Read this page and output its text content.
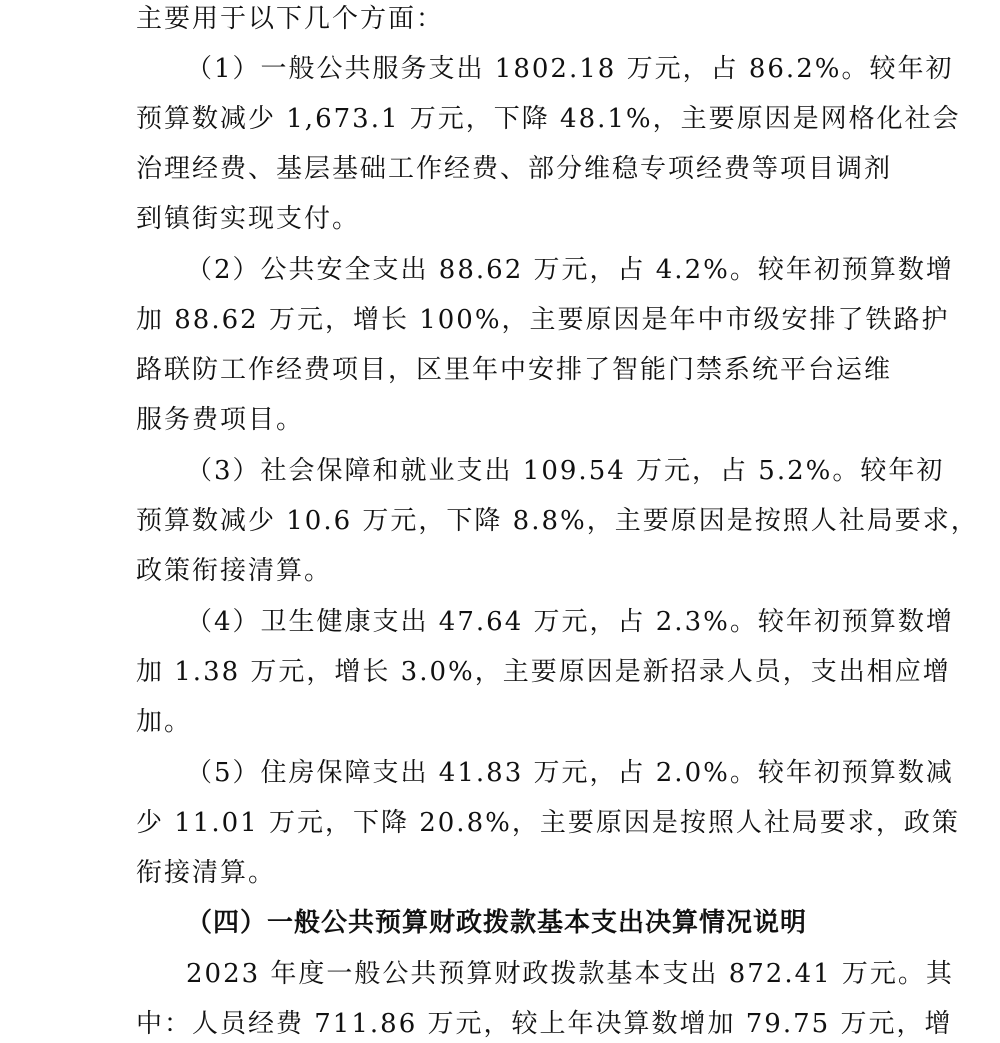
主要用于以下几个方面：
（1）一般公共服务支出 1802.18 万元，占 86.2%。较年初
预算数减少 1,673.1 万元，下降 48.1%，主要原因是网格化社会
治理经费、基层基础工作经费、部分维稳专项经费等项目调剂
到镇街实现支付。
（2）公共安全支出 88.62 万元，占 4.2%。较年初预算数增
加 88.62 万元，增长 100%，主要原因是年中市级安排了铁路护
路联防工作经费项目，区里年中安排了智能门禁系统平台运维
服务费项目。
（3）社会保障和就业支出 109.54 万元，占 5.2%。较年初
预算数减少 10.6 万元，下降 8.8%，主要原因是按照人社局要求，
政策衔接清算。
（4）卫生健康支出 47.64 万元，占 2.3%。较年初预算数增
加 1.38 万元，增长 3.0%，主要原因是新招录人员，支出相应增
加。
（5）住房保障支出 41.83 万元，占 2.0%。较年初预算数减
少 11.01 万元，下降 20.8%，主要原因是按照人社局要求，政策
衔接清算。
（四）一般公共预算财政拨款基本支出决算情况说明
2023 年度一般公共预算财政拨款基本支出 872.41 万元。其
中：人员经费 711.86 万元，较上年决算数增加 79.75 万元，增
